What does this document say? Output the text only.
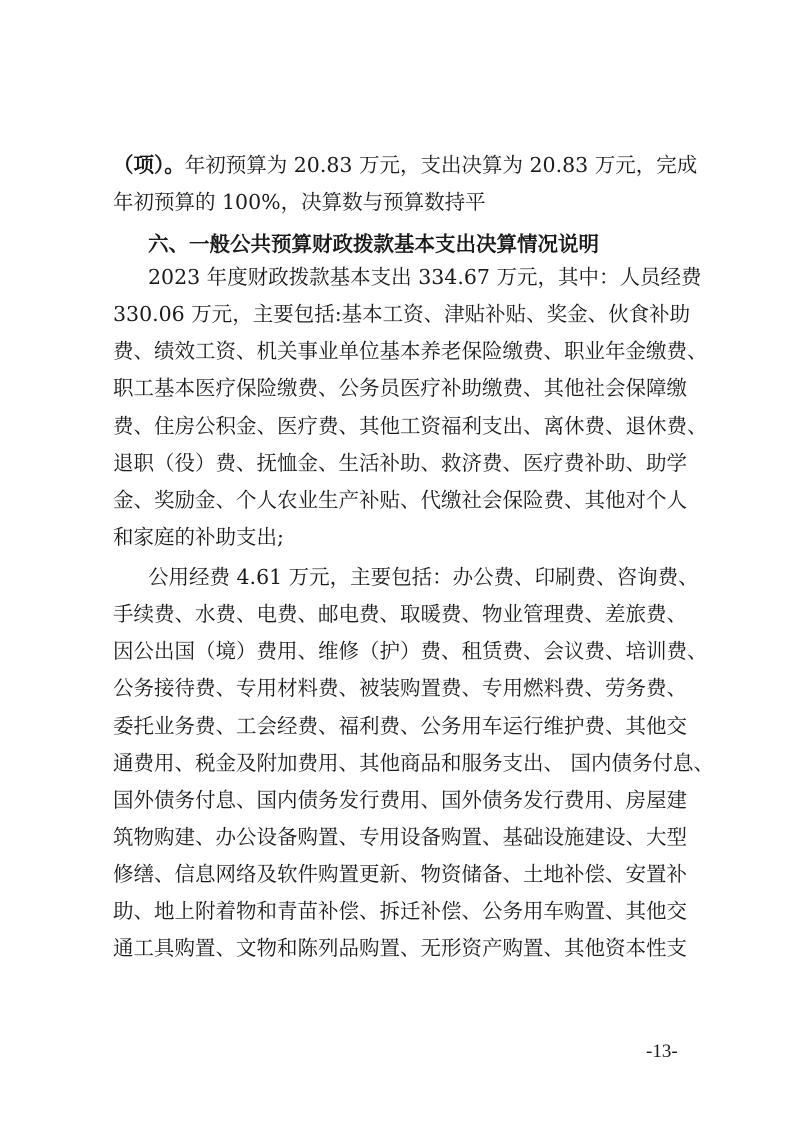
（项）。年初预算为 20.83 万元，支出决算为 20.83 万元，完成
年初预算的 100%，决算数与预算数持平
六、一般公共预算财政拨款基本支出决算情况说明
2023 年度财政拨款基本支出 334.67 万元，其中：人员经费
330.06 万元，主要包括:基本工资、津贴补贴、奖金、伙食补助
费、绩效工资、机关事业单位基本养老保险缴费、职业年金缴费、
职工基本医疗保险缴费、公务员医疗补助缴费、其他社会保障缴
费、住房公积金、医疗费、其他工资福利支出、离休费、退休费、
退职（役）费、抚恤金、生活补助、救济费、医疗费补助、助学
金、奖励金、个人农业生产补贴、代缴社会保险费、其他对个人
和家庭的补助支出;
公用经费 4.61 万元，主要包括：办公费、印刷费、咨询费、
手续费、水费、电费、邮电费、取暖费、物业管理费、差旅费、
因公出国（境）费用、维修（护）费、租赁费、会议费、培训费、
公务接待费、专用材料费、被装购置费、专用燃料费、劳务费、
委托业务费、工会经费、福利费、公务用车运行维护费、其他交
通费用、税金及附加费用、其他商品和服务支出、 国内债务付息、
国外债务付息、国内债务发行费用、国外债务发行费用、房屋建
筑物购建、办公设备购置、专用设备购置、基础设施建设、大型
修缮、信息网络及软件购置更新、物资储备、土地补偿、安置补
助、地上附着物和青苗补偿、拆迁补偿、公务用车购置、其他交
通工具购置、文物和陈列品购置、无形资产购置、其他资本性支
-13-
